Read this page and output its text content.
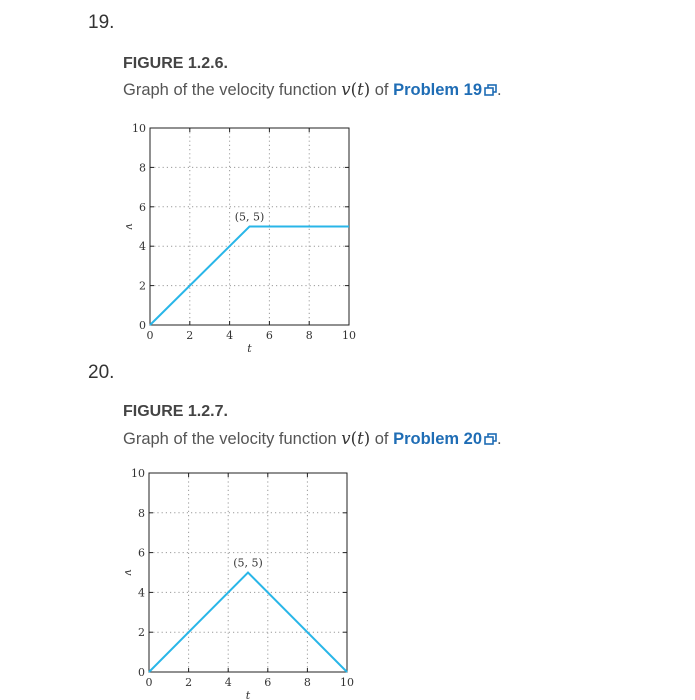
19.
FIGURE 1.2.6.
Graph of the velocity function v(t) of Problem 19 .
0	2	4	6	8	10
0
2
4
6
8
10
t
v
(5, 5)
20.
FIGURE 1.2.7.
Graph of the velocity function v(t) of Problem 20 .
0	2	4	6	8	10
0
2
4
6
8
10
t
v
(5, 5)
